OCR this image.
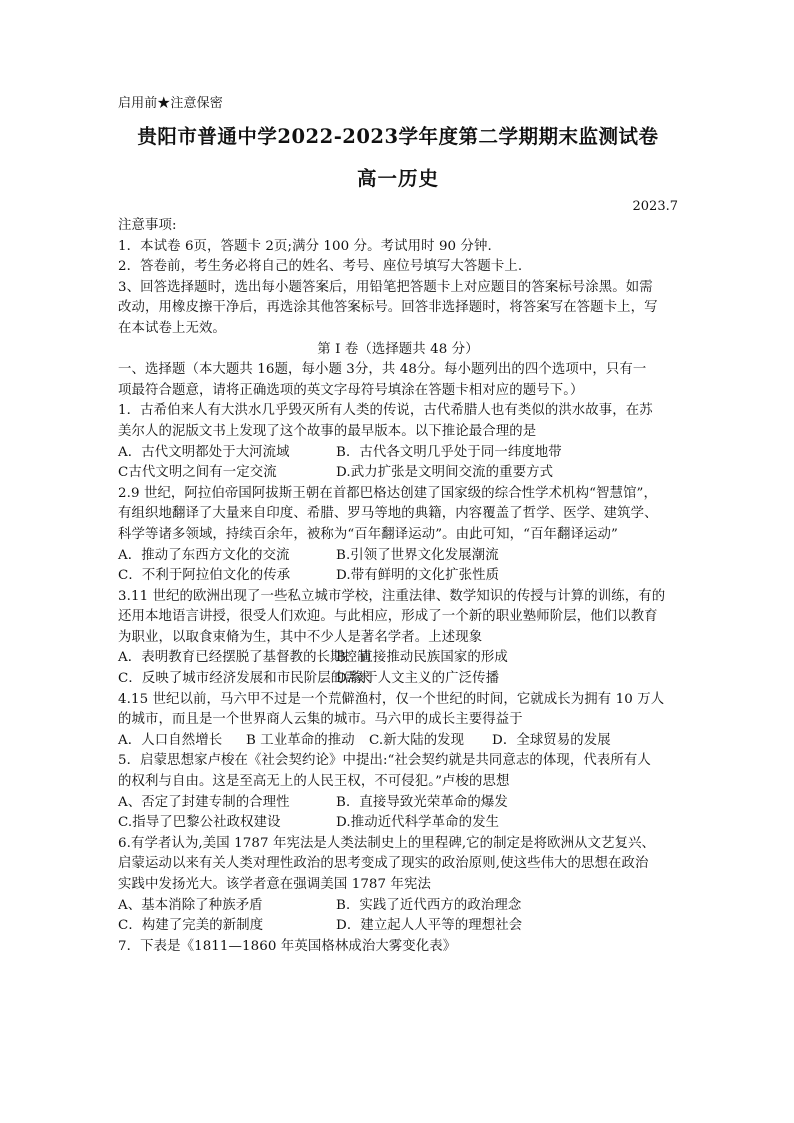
启用前★注意保密
贵阳市普通中学2022-2023学年度第二学期期末监测试卷
高一历史
2023.7
注意事项:
1．本试卷 6页，答题卡 2页;满分 100 分。考试用时 90 分钟.
2．答卷前，考生务必将自己的姓名、考号、座位号填写大答题卡上.
3、回答选择题时，选出每小题答案后，用铅笔把答题卡上对应题目的答案标号涂黑。如需
改动，用橡皮擦干净后，再选涂其他答案标号。回答非选择题时，将答案写在答题卡上，写
在本试卷上无效。
第 I 卷（选择题共 48 分）
一、选择题（本大题共 16题，每小题 3分，共 48分。每小题列出的四个选项中，只有一
项最符合题意，请将正确选项的英文字母符号填涂在答题卡相对应的题号下。）
1．古希伯来人有大洪水几乎毁灭所有人类的传说，古代希腊人也有类似的洪水故事，在苏
美尔人的泥版文书上发现了这个故事的最早版本。以下推论最合理的是
A．古代文明都处于大河流域	B．古代各文明几乎处于同一纬度地带
C古代文明之间有一定交流	D.武力扩张是文明间交流的重要方式
2.9 世纪，阿拉伯帝国阿拔斯王朝在首都巴格达创建了国家级的综合性学术机构“智慧馆”，
有组织地翻译了大量来自印度、希腊、罗马等地的典籍，内容覆盖了哲学、医学、建筑学、
科学等诸多领域，持续百余年，被称为“百年翻译运动”。由此可知，“百年翻译运动”
A．推动了东西方文化的交流	B.引领了世界文化发展潮流
C．不利于阿拉伯文化的传承	D.带有鲜明的文化扩张性质
3.11 世纪的欧洲出现了一些私立城市学校，注重法律、数学知识的传授与计算的训练，有的
还用本地语言讲授，很受人们欢迎。与此相应，形成了一个新的职业塾师阶层，他们以教育
为职业，以取食束脩为生，其中不少人是著名学者。上述现象
A．表明教育已经摆脱了基督教的长期控制
B．直接推动民族国家的形成
C．反映了城市经济发展和市民阶层的需求
D.缘于人文主义的广泛传播
4.15 世纪以前，马六甲不过是一个荒僻渔村，仅一个世纪的时间，它就成长为拥有 10 万人
的城市，而且是一个世界商人云集的城市。马六甲的成长主要得益于
A．人口自然增长	B 工业革命的推动	C.新大陆的发现	D．全球贸易的发展
5．启蒙思想家卢梭在《社会契约论》中提出:“社会契约就是共同意志的体现，代表所有人
的权利与自由。这是至高无上的人民王权，不可侵犯。”卢梭的思想
A、否定了封建专制的合理性	B．直接导致光荣革命的爆发
C.指导了巴黎公社政权建设	D.推动近代科学革命的发生
6.有学者认为,美国 1787 年宪法是人类法制史上的里程碑,它的制定是将欧洲从文艺复兴、
启蒙运动以来有关人类对理性政治的思考变成了现实的政治原则,使这些伟大的思想在政治
实践中发扬光大。该学者意在强调美国 1787 年宪法
A、基本消除了种族矛盾	B．实践了近代西方的政治理念
C．构建了完美的新制度	D．建立起人人平等的理想社会
7．下表是《1811—1860 年英国格林成治大雾变化表》
